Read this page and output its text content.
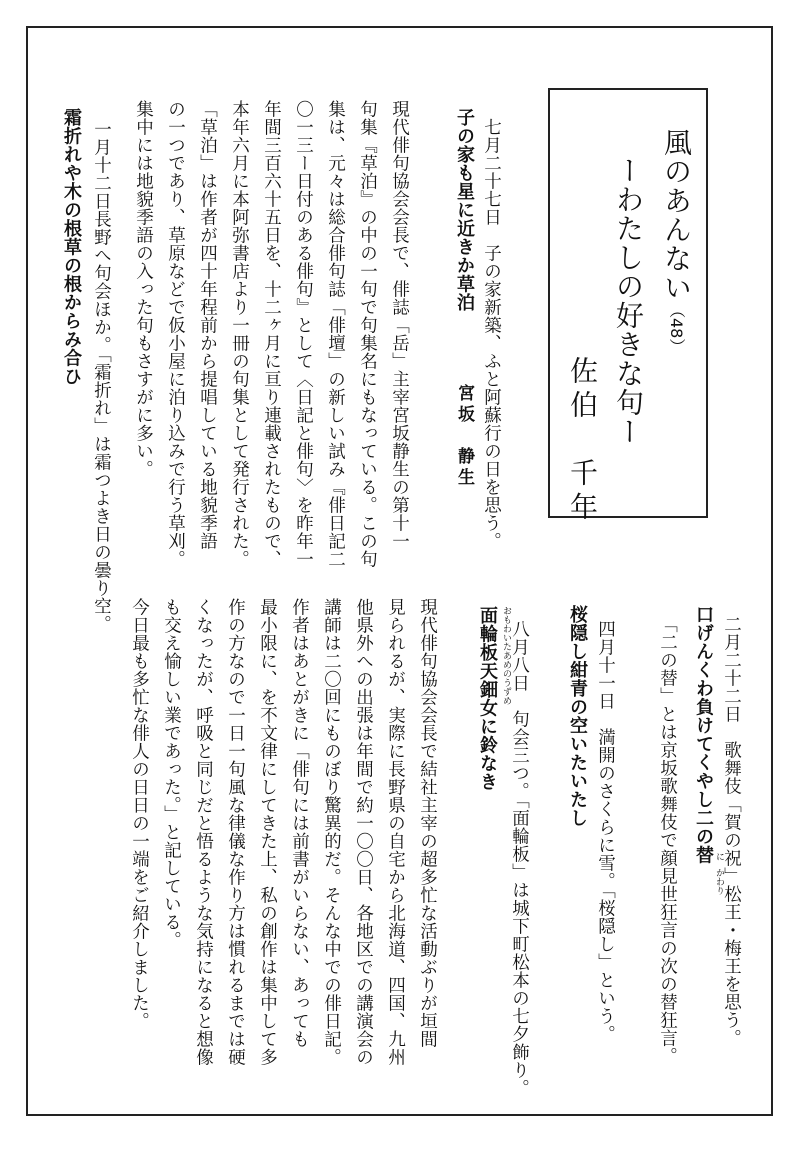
風のあんない（48）
ーわたしの好きな句ー
佐伯　千年
七月二十七日　子の家新築、ふと阿蘇行の日を思う。
子の家も星に近きか草泊
宮坂　静生
現代俳句協会会長で、俳誌「岳」主宰宮坂静生の第十一
句集『草泊』の中の一句で句集名にもなっている。この句
集は、元々は総合俳句誌「俳壇」の新しい試み『俳日記二
〇一三ー日付のある俳句』として〈日記と俳句〉を昨年一
年間三百六十五日を、十二ヶ月に亘り連載されたもので、
本年六月に本阿弥書店より一冊の句集として発行された。
「草泊」は作者が四十年程前から提唱している地貌季語
の一つであり、草原などで仮小屋に泊り込みで行う草刈。
集中には地貌季語の入った句もさすがに多い。
一月十二日長野へ句会ほか。「霜折れ」は霜つよき日の曇り空。
霜折れや木の根草の根からみ合ひ
二月二十二日　歌舞伎「賀の祝」松王・梅王を思う。
口げんくわ負けてくやし二の替 に
かわり
「二の替」とは京坂歌舞伎で顔見世狂言の次の替狂言。
四月十一日　満開のさくらに雪。「桜隠し」という。
桜隠し紺青の空いたいたし
八月八日　句会三つ。「面輪板」は城下町松本の七夕飾り。
おもわいたあめのうずめ
面輪板天鈿女に鈴なき
現代俳句協会会長で結社主宰の超多忙な活動ぶりが垣間
見られるが、実際に長野県の自宅から北海道、四国、九州
他県外への出張は年間で約一〇〇日、各地区での講演会の
講師は二〇回にものぼり驚異的だ。そんな中での俳日記。
作者はあとがきに「俳句には前書がいらない、あっても
最小限に、を不文律にしてきた上、私の創作は集中して多
作の方なので一日一句風な律儀な作り方は慣れるまでは硬
くなったが、呼吸と同じだと悟るような気持になると想像
も交え愉しい業であった。」と記している。
今日最も多忙な俳人の日日の一端をご紹介しました。
